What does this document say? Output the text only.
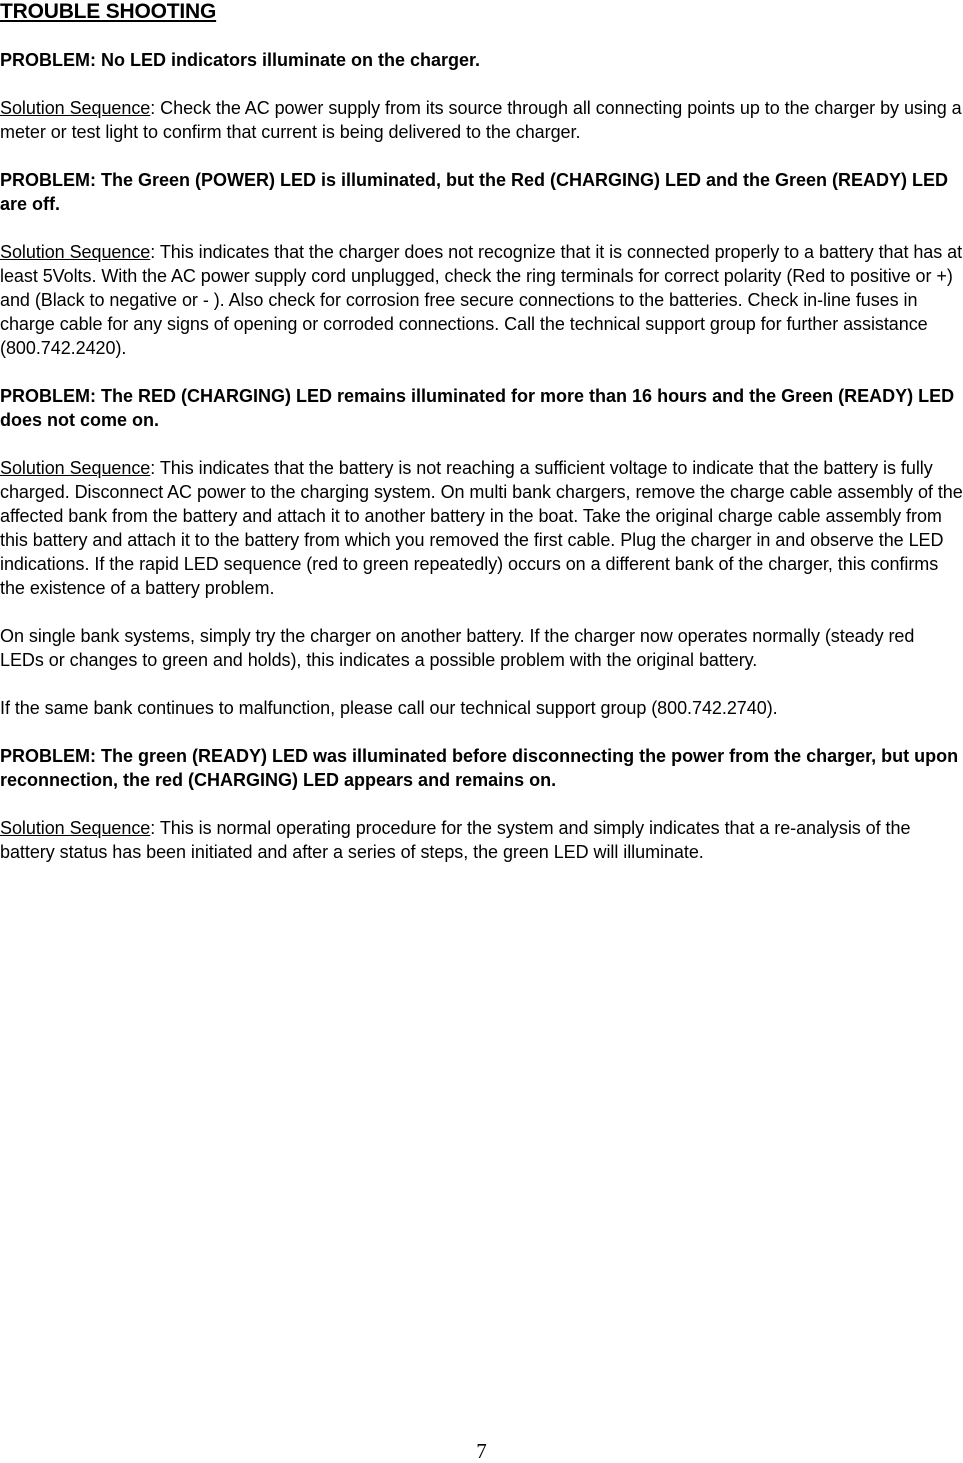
TROUBLE SHOOTING
PROBLEM: No LED indicators illuminate on the charger.
Solution Sequence: Check the AC power supply from its source through all connecting points up to the charger by using a meter or test light to confirm that current is being delivered to the charger.
PROBLEM: The Green (POWER) LED is illuminated, but the Red (CHARGING) LED and the Green (READY) LED are off.
Solution Sequence: This indicates that the charger does not recognize that it is connected properly to a battery that has at least 5Volts. With the AC power supply cord unplugged, check the ring terminals for correct polarity (Red to positive or +) and (Black to negative or - ). Also check for corrosion free secure connections to the batteries. Check in-line fuses in charge cable for any signs of opening or corroded connections. Call the technical support group for further assistance (800.742.2420).
PROBLEM: The RED (CHARGING) LED remains illuminated for more than 16 hours and the Green (READY) LED does not come on.
Solution Sequence: This indicates that the battery is not reaching a sufficient voltage to indicate that the battery is fully charged. Disconnect AC power to the charging system. On multi bank chargers, remove the charge cable assembly of the affected bank from the battery and attach it to another battery in the boat. Take the original charge cable assembly from this battery and attach it to the battery from which you removed the first cable. Plug the charger in and observe the LED indications. If the rapid LED sequence (red to green repeatedly) occurs on a different bank of the charger, this confirms the existence of a battery problem.
On single bank systems, simply try the charger on another battery. If the charger now operates normally (steady red LEDs or changes to green and holds), this indicates a possible problem with the original battery.
If the same bank continues to malfunction, please call our technical support group (800.742.2740).
PROBLEM: The green (READY) LED was illuminated before disconnecting the power from the charger, but upon reconnection, the red (CHARGING) LED appears and remains on.
Solution Sequence: This is normal operating procedure for the system and simply indicates that a re-analysis of the battery status has been initiated and after a series of steps, the green LED will illuminate.
7
